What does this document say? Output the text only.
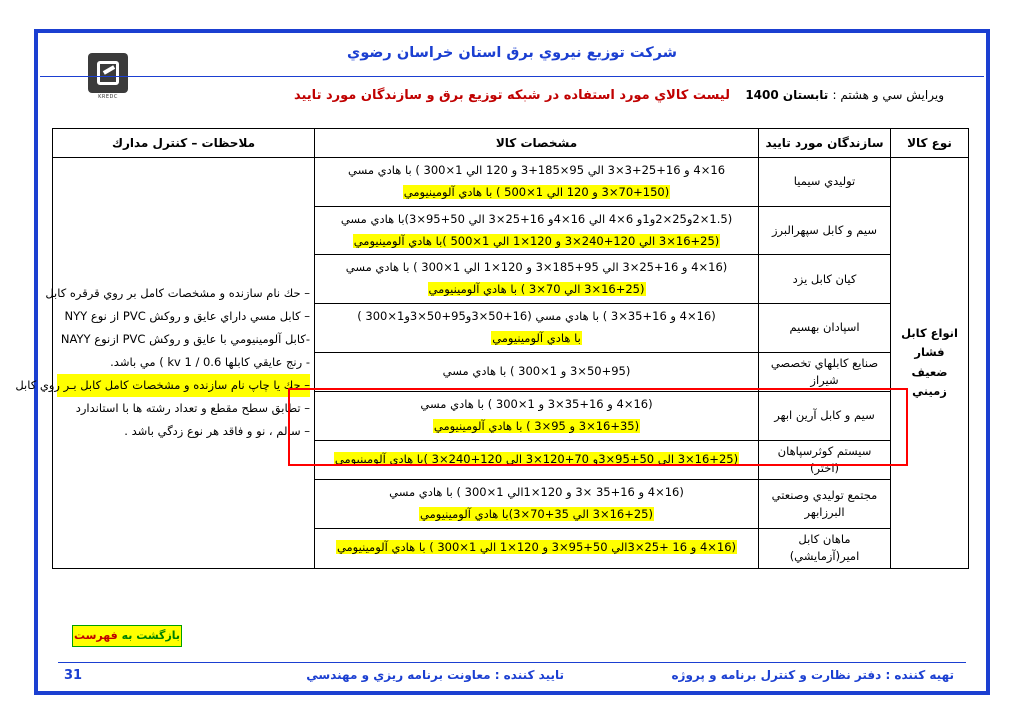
شركت توزيع نيروي برق استان خراسان رضوي
ليست كالاي مورد استفاده در شبكه توزيع برق و سازندگان مورد تاييد	ويرايش سي و هشتم : تابستان 1400
KREDC
نوع كالا	سازندگان مورد تاييد	مشخصات كالا	ملاحظات – كنترل مدارك
انواع كابل فشار ضعيف زميني	توليدي سيميا	
16×4 و 16+25+3×3 الي 95×185+3 و 120 الي 1×300 ) با هادي مسي
(70+150×3 و 120 الي 1×500 ) با هادي آلومينيومي

– حك نام سازنده و مشخصات كامل بر روي قرقره كابل
– كابل مسي داراي عايق و روكش PVC از نوع NYY
-كابل آلومينيومي با عايق و روكش PVC ازنوع NAYY
- رنج عايقي كابلها kv 1 / 0.6 ) مي باشد.
– حك يا چاپ نام سازنده و مشخصات كامل كابل بـر روي كابل
– تطابق سطح مقطع و تعداد رشته ها با استاندارد
– سالم ، نو و فاقد هر نوع زدگي باشد .

	سيم و كابل سپهرالبرز	(1.5×2و25×2و1و 6×4 الي 16×4و 16+25×3 الي 50+95×3)با هادي مسي
(16+25×3 الي 120+240×3 و 120×1 الي 1×500 )با هادي آلومينيومي	

	كيان كابل يزد	(16×4 و 16+25×3 الي 95+185×3 و 120×1 الي 1×300 ) با هادي مسي
(16+25×3 الي 70×3 ) با هادي آلومينيومي	

	اسپادان بهسيم	(16×4 و 16+35×3 ) با هادي مسي (16+50×3و95+50×3و1×300 )
با هادي آلومينيومي	

	صنايع كابلهاي تخصصي شيراز	(50+95×3 و 1×300 ) با هادي مسي	

	سيم و كابل آرين ابهر	(16×4 و 16+35×3 و 1×300 ) با هادي مسي
(16+35×3 و 95×3 ) با هادي آلومينيومي	

	سيستم كوثرسپاهان (اختر)	(16+25×3 الي 50+95×3و 70+120×3 الي 120+240×3 )با هادي آلومينيومي	

	مجتمع توليدي وصنعتي البرزابهر	(16×4 و 16+35 ×3 و 120×1الي 1×300 ) با هادي مسي
(16+25×3 الي 35+70×3)با هادي آلومينيومي	

	ماهان كابل امير(آزمايشي)	(16×4 و 16 +25×3الي 50+95×3 و 120×1 الي 1×300 ) با هادي آلومينيومي	
بازگشت به فهرست
تهيه كننده : دفتر نظارت و كنترل برنامه و پروژه
تاييد كننده : معاونت برنامه ريزي و مهندسي
31
